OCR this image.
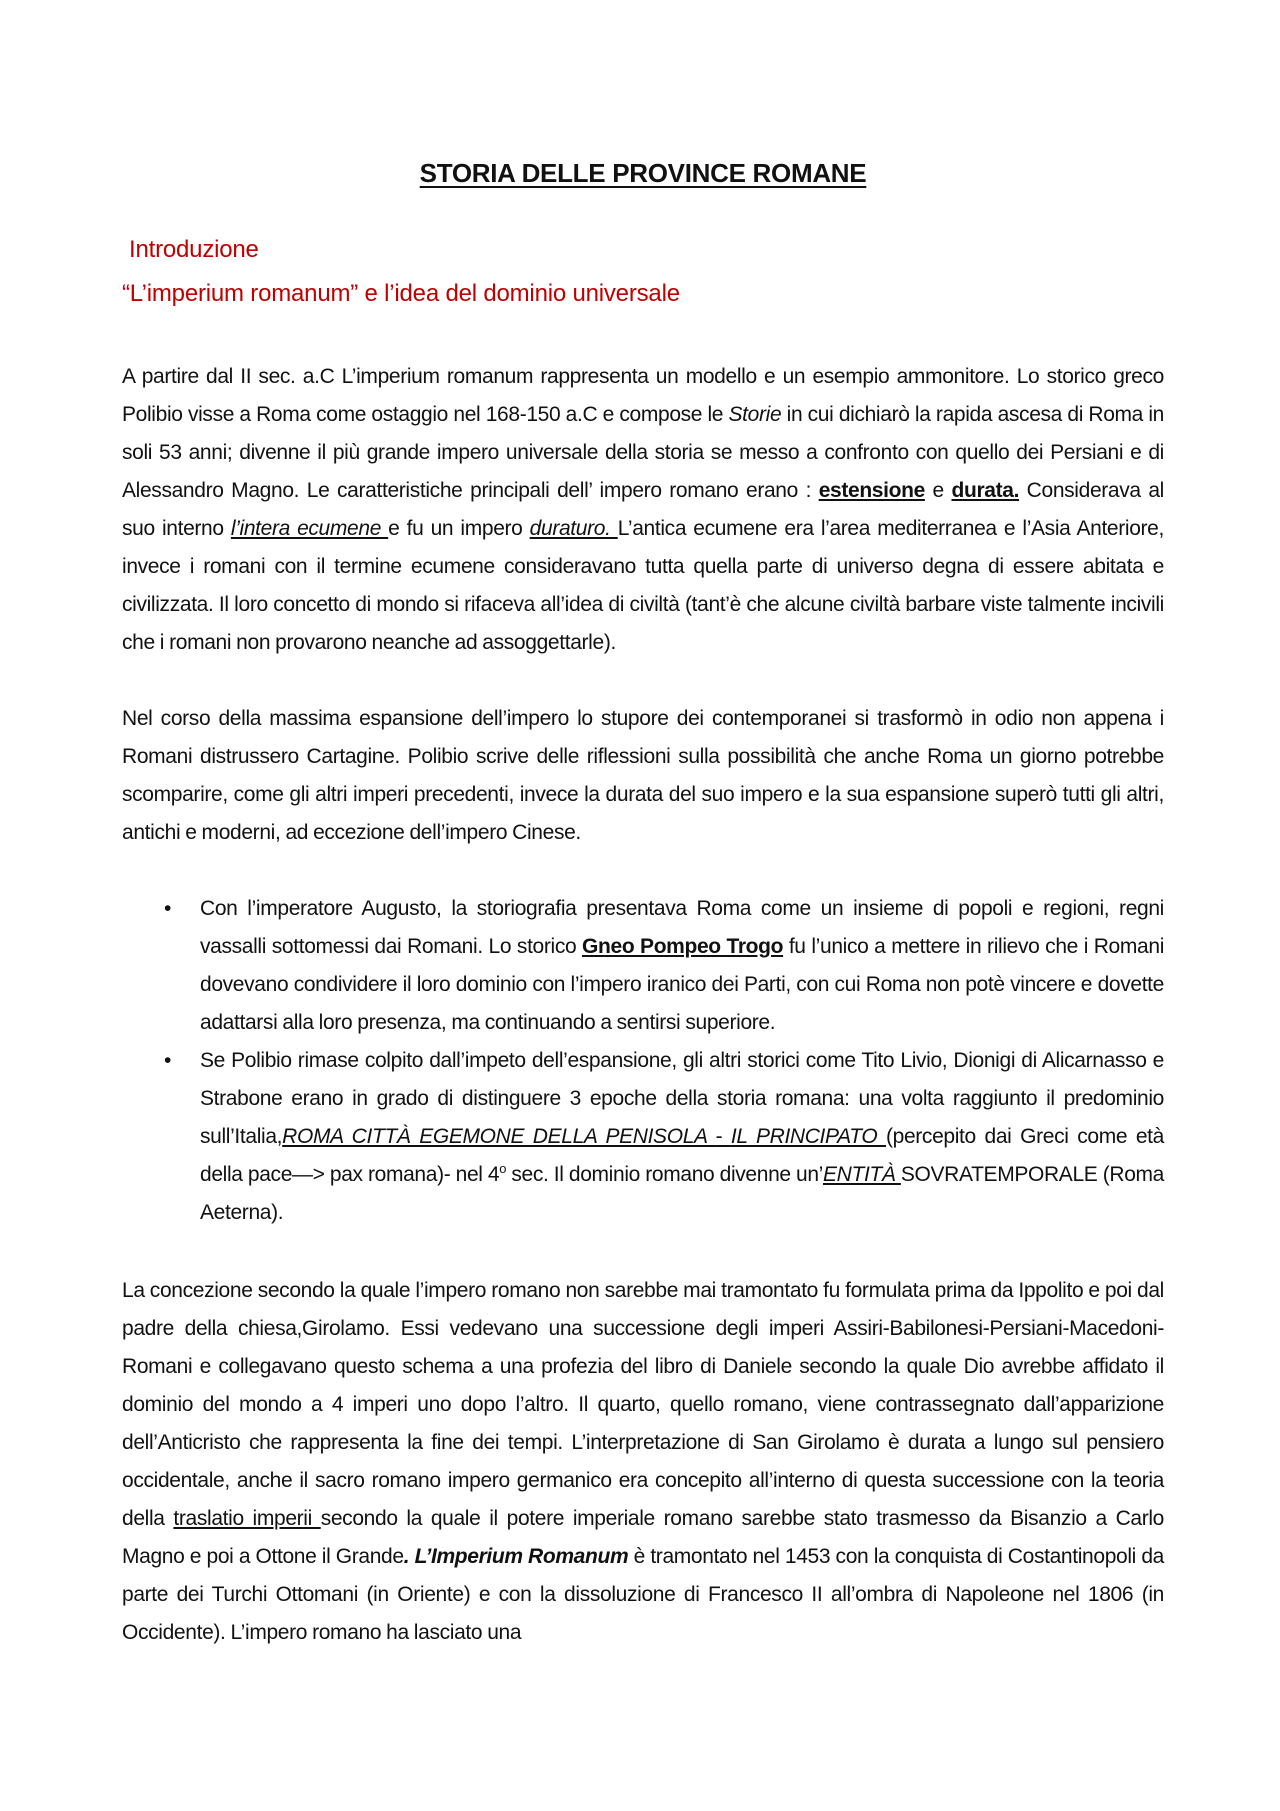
STORIA DELLE PROVINCE ROMANE
Introduzione
“L’imperium romanum” e l’idea del dominio universale

A partire dal II sec. a.C L’imperium romanum rappresenta un modello e un esempio ammonitore. Lo storico greco Polibio visse a Roma come ostaggio nel 168-150 a.C e compose le Storie in cui dichiarò la rapida ascesa di Roma in soli 53 anni; divenne il più grande impero universale della storia se messo a confronto con quello dei Persiani e di Alessandro Magno. Le caratteristiche principali dell’ impero romano erano : estensione e durata. Considerava al suo interno l’intera ecumene e fu un impero duraturo. L’antica ecumene era l’area mediterranea e l’Asia Anteriore, invece i romani con il termine ecumene consideravano tutta quella parte di universo degna di essere abitata e civilizzata. Il loro concetto di mondo si rifaceva all’idea di civiltà (tant’è che alcune civiltà barbare viste talmente incivili che i romani non provarono neanche ad assoggettarle).

Nel corso della massima espansione dell’impero lo stupore dei contemporanei si trasformò in odio non appena i Romani distrussero Cartagine. Polibio scrive delle riflessioni sulla possibilità che anche Roma un giorno potrebbe scomparire, come gli altri imperi precedenti, invece la durata del suo impero e la sua espansione superò tutti gli altri, antichi e moderni, ad eccezione dell’impero Cinese.

• Con l’imperatore Augusto, la storiografia presentava Roma come un insieme di popoli e regioni, regni vassalli sottomessi dai Romani. Lo storico Gneo Pompeo Trogo fu l’unico a mettere in rilievo che i Romani dovevano condividere il loro dominio con l’impero iranico dei Parti, con cui Roma non potè vincere e dovette adattarsi alla loro presenza, ma continuando a sentirsi superiore.
• Se Polibio rimase colpito dall’impeto dell’espansione, gli altri storici come Tito Livio, Dionigi di Alicarnasso e Strabone erano in grado di distinguere 3 epoche della storia romana: una volta raggiunto il predominio sull’Italia,ROMA CITTÀ EGEMONE DELLA PENISOLA - IL PRINCIPATO (percepito dai Greci come età della pace—> pax romana)- nel 4$^o$ sec. Il dominio romano divenne un’ENTITÀ SOVRATEMPORALE (Roma Aeterna).

La concezione secondo la quale l’impero romano non sarebbe mai tramontato fu formulata prima da Ippolito e poi dal padre della chiesa,Girolamo. Essi vedevano una successione degli imperi Assiri-Babilonesi-Persiani-Macedoni-Romani e collegavano questo schema a una profezia del libro di Daniele secondo la quale Dio avrebbe affidato il dominio del mondo a 4 imperi uno dopo l’altro. Il quarto, quello romano, viene contrassegnato dall’apparizione dell’Anticristo che rappresenta la fine dei tempi. L’interpretazione di San Girolamo è durata a lungo sul pensiero occidentale, anche il sacro romano impero germanico era concepito all’interno di questa successione con la teoria della traslatio imperii secondo la quale il potere imperiale romano sarebbe stato trasmesso da Bisanzio a Carlo Magno e poi a Ottone il Grande. L’Imperium Romanum è tramontato nel 1453 con la conquista di Costantinopoli da parte dei Turchi Ottomani (in Oriente) e con la dissoluzione di Francesco II all’ombra di Napoleone nel 1806 (in Occidente). L’impero romano ha lasciato una
